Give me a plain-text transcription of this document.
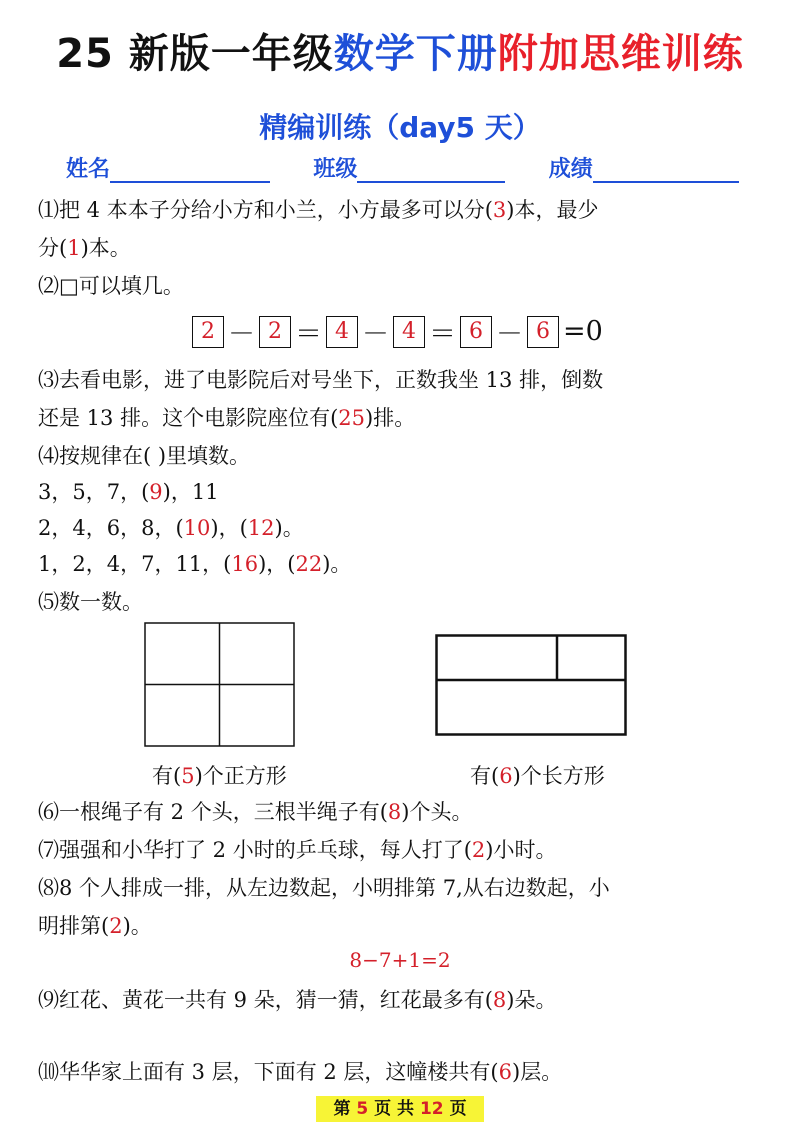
25 新版一年级数学下册附加思维训练
精编训练（day5 天）
姓名	班级	成绩
⑴把 4 本本子分给小方和小兰，小方最多可以分(3)本，最少
分(1)本。
⑵□可以填几。
2 － 2 ＝ 4 － 4 ＝ 6 － 6 =0
⑶去看电影，进了电影院后对号坐下，正数我坐 13 排，倒数
还是 13 排。这个电影院座位有(25)排。
⑷按规律在( )里填数。
3，5，7，(9)，11
2，4，6，8，(10)，(12)。
1，2，4，7，11，(16)，(22)。
⑸数一数。
有(5)个正方形	有(6)个长方形
⑹一根绳子有 2 个头，三根半绳子有(8)个头。
⑺强强和小华打了 2 小时的乒乓球，每人打了(2)小时。
⑻8 个人排成一排，从左边数起，小明排第 7,从右边数起，小
明排第(2)。
8−7+1=2
⑼红花、黄花一共有 9 朵，猜一猜，红花最多有(8)朵。
⑽华华家上面有 3 层，下面有 2 层，这幢楼共有(6)层。
第 5 页 共 12 页
